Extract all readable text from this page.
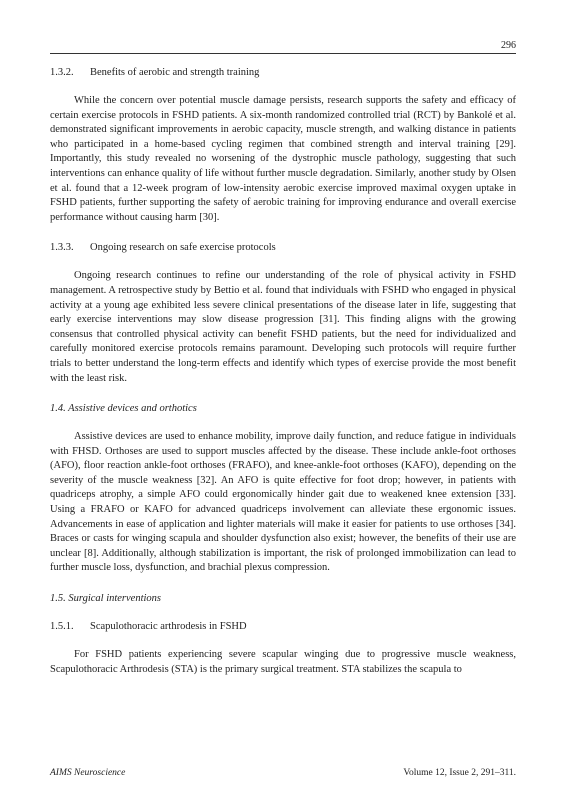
296
1.3.2. Benefits of aerobic and strength training

While the concern over potential muscle damage persists, research supports the safety and efficacy of certain exercise protocols in FSHD patients. A six-month randomized controlled trial (RCT) by Bankolé et al. demonstrated significant improvements in aerobic capacity, muscle strength, and walking distance in patients who participated in a home-based cycling regimen that combined strength and interval training [29]. Importantly, this study revealed no worsening of the dystrophic muscle pathology, suggesting that such interventions can enhance quality of life without further muscle degradation. Similarly, another study by Olsen et al. found that a 12-week program of low-intensity aerobic exercise improved maximal oxygen uptake in FSHD patients, further supporting the safety of aerobic training for improving endurance and overall exercise performance without causing harm [30].

1.3.3. Ongoing research on safe exercise protocols

Ongoing research continues to refine our understanding of the role of physical activity in FSHD management. A retrospective study by Bettio et al. found that individuals with FSHD who engaged in physical activity at a young age exhibited less severe clinical presentations of the disease later in life, suggesting that early exercise interventions may slow disease progression [31]. This finding aligns with the growing consensus that controlled physical activity can benefit FSHD patients, but the need for individualized and carefully monitored exercise protocols remains paramount. Developing such protocols will require further trials to better understand the long-term effects and identify which types of exercise provide the most benefit with the least risk.

1.4. Assistive devices and orthotics

Assistive devices are used to enhance mobility, improve daily function, and reduce fatigue in individuals with FHSD. Orthoses are used to support muscles affected by the disease. These include ankle-foot orthoses (AFO), floor reaction ankle-foot orthoses (FRAFO), and knee-ankle-foot orthoses (KAFO), depending on the severity of the muscle weakness [32]. An AFO is quite effective for foot drop; however, in patients with quadriceps atrophy, a simple AFO could ergonomically hinder gait due to weakened knee extension [33]. Using a FRAFO or KAFO for advanced quadriceps involvement can alleviate these ergonomic issues. Advancements in ease of application and lighter materials will make it easier for patients to use orthoses [34]. Braces or casts for winging scapula and shoulder dysfunction also exist; however, the benefits of their use are unclear [8]. Additionally, although stabilization is important, the risk of prolonged immobilization can lead to further muscle loss, dysfunction, and brachial plexus compression.

1.5. Surgical interventions
1.5.1. Scapulothoracic arthrodesis in FSHD

For FSHD patients experiencing severe scapular winging due to progressive muscle weakness, Scapulothoracic Arthrodesis (STA) is the primary surgical treatment. STA stabilizes the scapula to

AIMS Neuroscience	Volume 12, Issue 2, 291–311.
